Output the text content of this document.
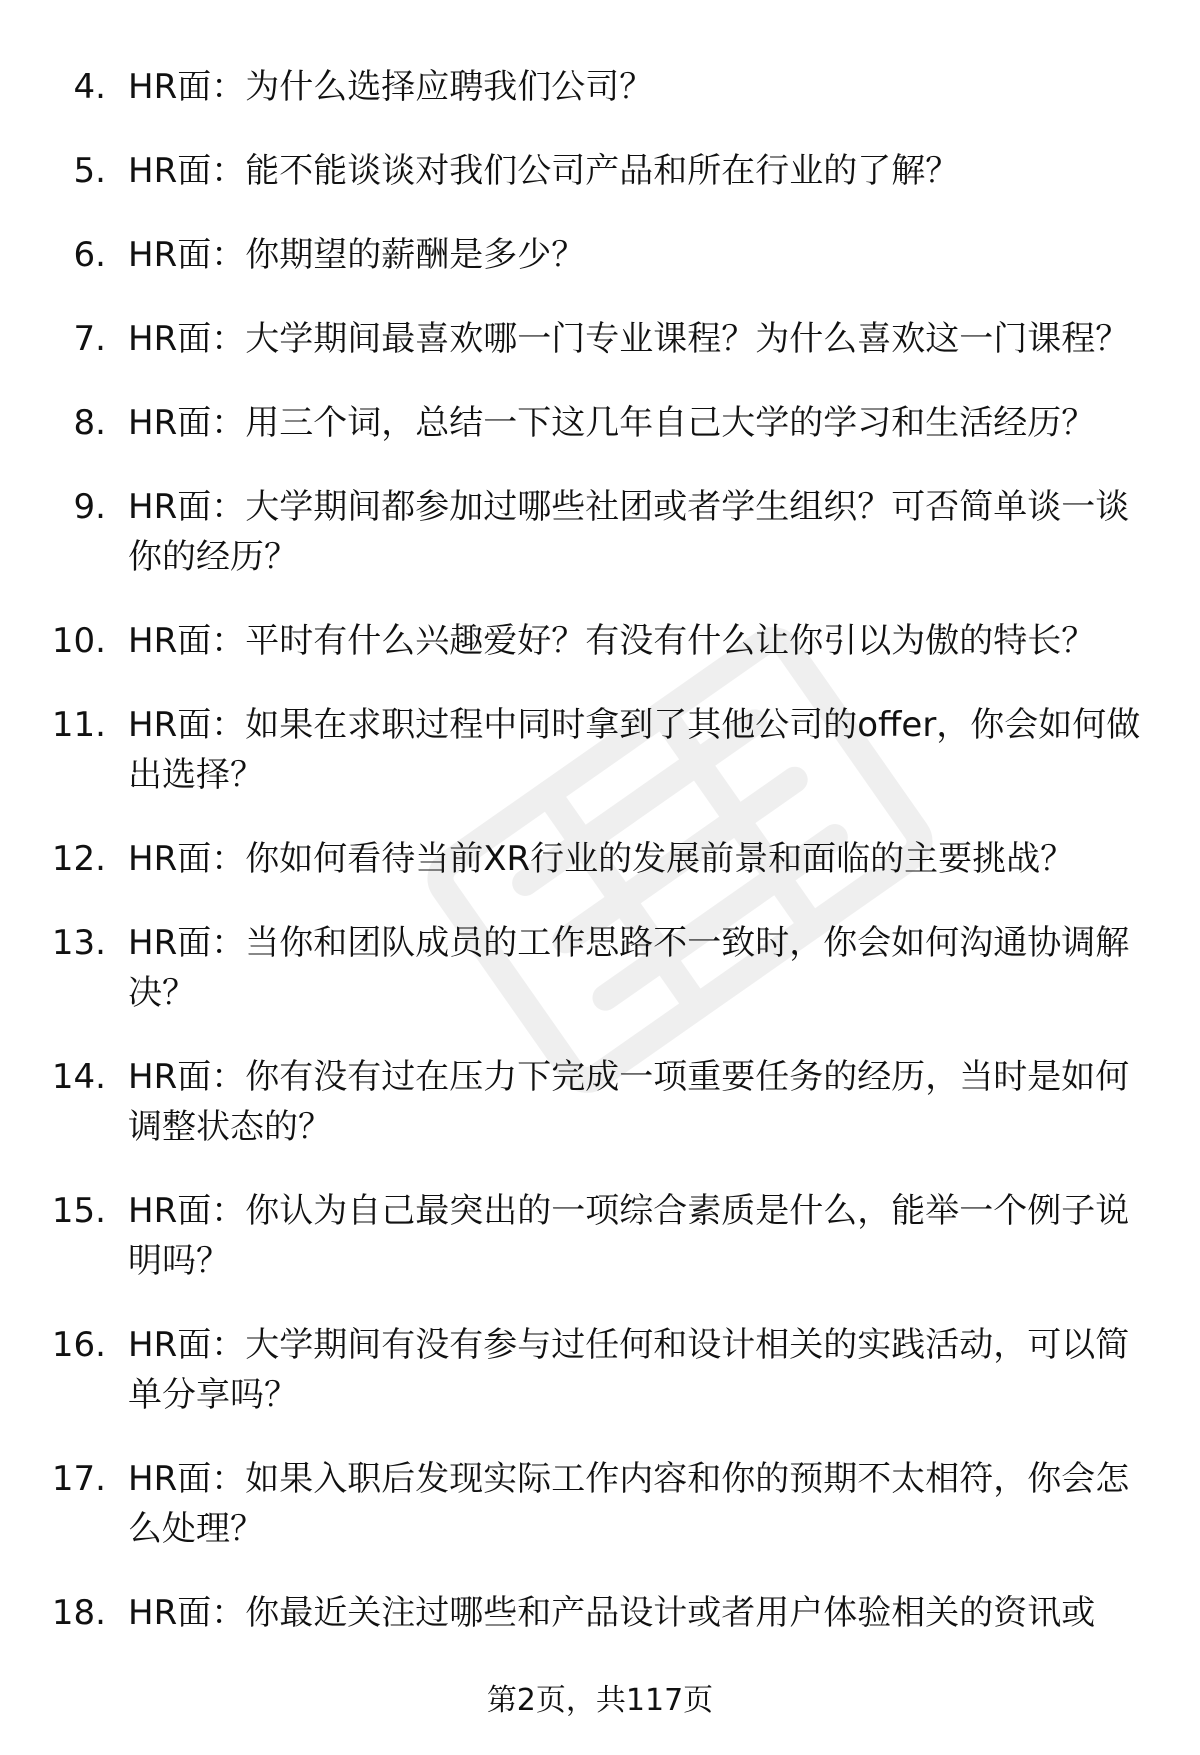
4. HR面：为什么选择应聘我们公司？
5. HR面：能不能谈谈对我们公司产品和所在行业的了解？
6. HR面：你期望的薪酬是多少？
7. HR面：大学期间最喜欢哪一门专业课程？为什么喜欢这一门课程？
8. HR面：用三个词，总结一下这几年自己大学的学习和生活经历？
9. HR面：大学期间都参加过哪些社团或者学生组织？可否简单谈一谈你的经历？
10. HR面：平时有什么兴趣爱好？有没有什么让你引以为傲的特长？
11. HR面：如果在求职过程中同时拿到了其他公司的offer，你会如何做出选择？
12. HR面：你如何看待当前XR行业的发展前景和面临的主要挑战？
13. HR面：当你和团队成员的工作思路不一致时，你会如何沟通协调解决？
14. HR面：你有没有过在压力下完成一项重要任务的经历，当时是如何调整状态的？
15. HR面：你认为自己最突出的一项综合素质是什么，能举一个例子说明吗？
16. HR面：大学期间有没有参与过任何和设计相关的实践活动，可以简单分享吗？
17. HR面：如果入职后发现实际工作内容和你的预期不太相符，你会怎么处理？
18. HR面：你最近关注过哪些和产品设计或者用户体验相关的资讯或
第2页，共117页
